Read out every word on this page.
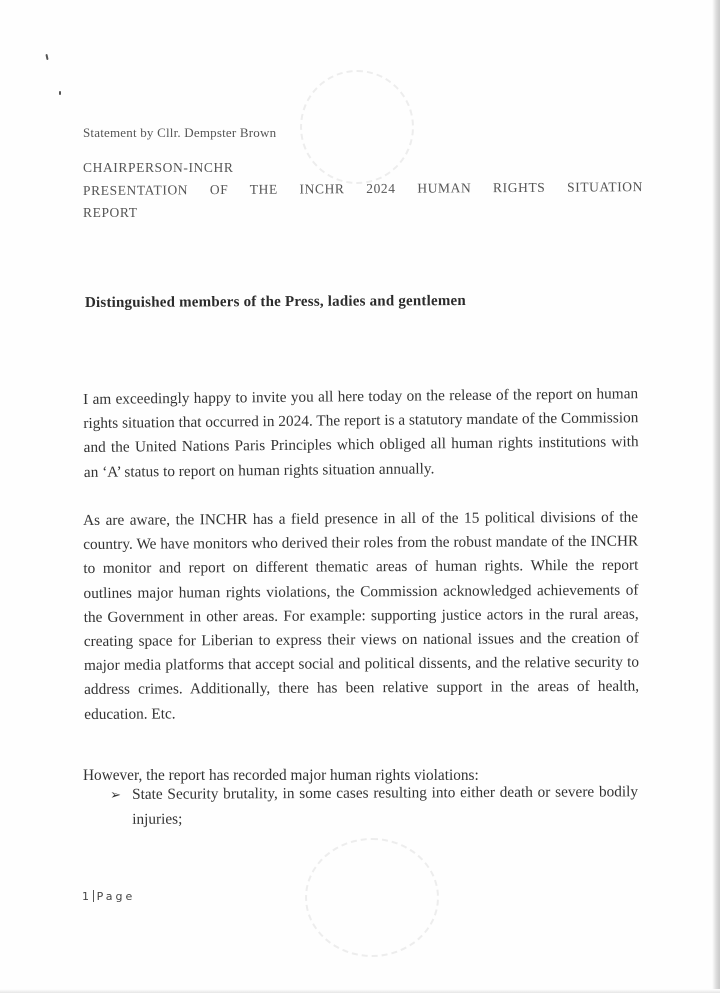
Statement by Cllr. Dempster Brown
CHAIRPERSON-INCHR
PRESENTATION OF THE INCHR 2024 HUMAN RIGHTS SITUATION
REPORT
Distinguished members of the Press, ladies and gentlemen

I am exceedingly happy to invite you all here today on the release of the report on human rights situation that occurred in 2024. The report is a statutory mandate of the Commission and the United Nations Paris Principles which obliged all human rights institutions with an ‘A’ status to report on human rights situation annually.

As are aware, the INCHR has a field presence in all of the 15 political divisions of the country. We have monitors who derived their roles from the robust mandate of the INCHR to monitor and report on different thematic areas of human rights. While the report outlines major human rights violations, the Commission acknowledged achievements of the Government in other areas. For example: supporting justice actors in the rural areas, creating space for Liberian to express their views on national issues and the creation of major media platforms that accept social and political dissents, and the relative security to address crimes. Additionally, there has been relative support in the areas of health, education. Etc.

However, the report has recorded major human rights violations:

➢ State Security brutality, in some cases resulting into either death or severe bodily injuries;
1 Page
